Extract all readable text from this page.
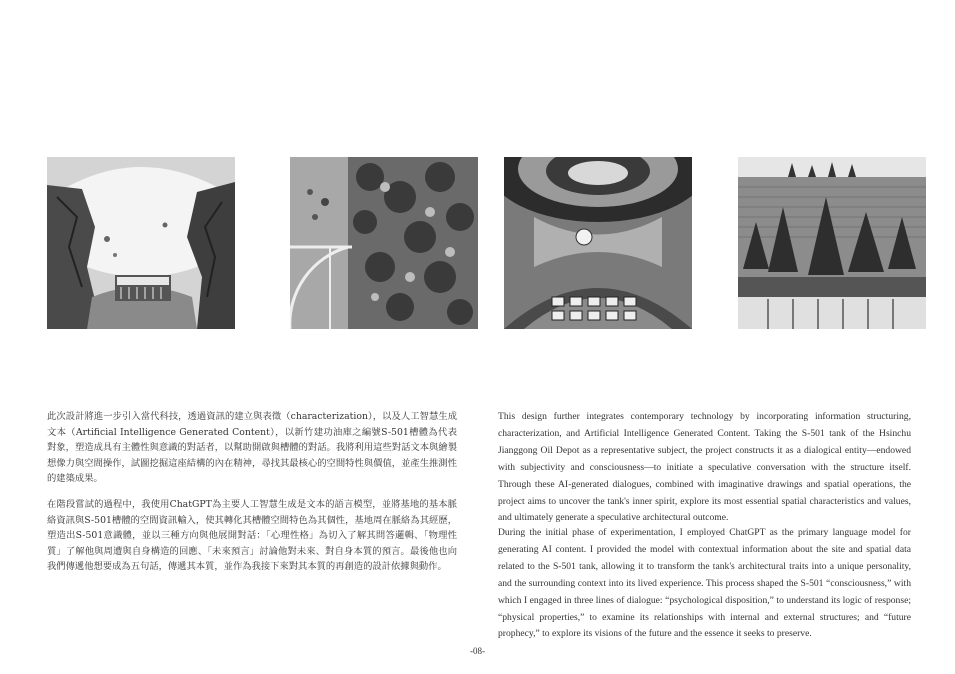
此次設計將進一步引入當代科技，透過資訊的建立與表徵（characterization），以及人工智慧生成文本（Artificial Intelligence Generated Content），以新竹建功油庫之編號S-501槽體為代表對象，塑造成具有主體性與意識的對話者，以幫助開啟與槽體的對話。我將利用這些對話文本與繪製想像力與空間操作，試圖挖掘這座結構的內在精神，尋找其最核心的空間特性與價值，並產生推測性的建築成果。

在階段嘗試的過程中，我使用ChatGPT為主要人工智慧生成是文本的語言模型，並將基地的基本脈絡資訊與S-501槽體的空間資訊輸入，使其轉化其槽體空間特色為其個性，基地周在脈絡為其經歷，塑造出S-501意識體，並以三種方向與他展開對話：「心理性格」為切入了解其問答邏輯、「物理性質」了解他與周遭與自身構造的回應、「未來預言」討論他對未來、對自身本質的預言。最後他也向我們傳遞他想要成為五句話，傳遞其本質，並作為我接下來對其本質的再創造的設計依據與動作。

This design further integrates contemporary technology by incorporating information structuring, characterization, and Artificial Intelligence Generated Content. Taking the S-501 tank of the Hsinchu Jianggong Oil Depot as a representative subject, the project constructs it as a dialogical entity—endowed with subjectivity and consciousness—to initiate a speculative conversation with the structure itself. Through these AI-generated dialogues, combined with imaginative drawings and spatial operations, the project aims to uncover the tank's inner spirit, explore its most essential spatial characteristics and values, and ultimately generate a speculative architectural outcome.

During the initial phase of experimentation, I employed ChatGPT as the primary language model for generating AI content. I provided the model with contextual information about the site and spatial data related to the S-501 tank, allowing it to transform the tank's architectural traits into a unique personality, and the surrounding context into its lived experience. This process shaped the S-501 “consciousness,” with which I engaged in three lines of dialogue: “psychological disposition,” to understand its logic of response; “physical properties,” to examine its relationships with internal and external structures; and “future prophecy,” to explore its visions of the future and the essence it seeks to preserve.

-08-
